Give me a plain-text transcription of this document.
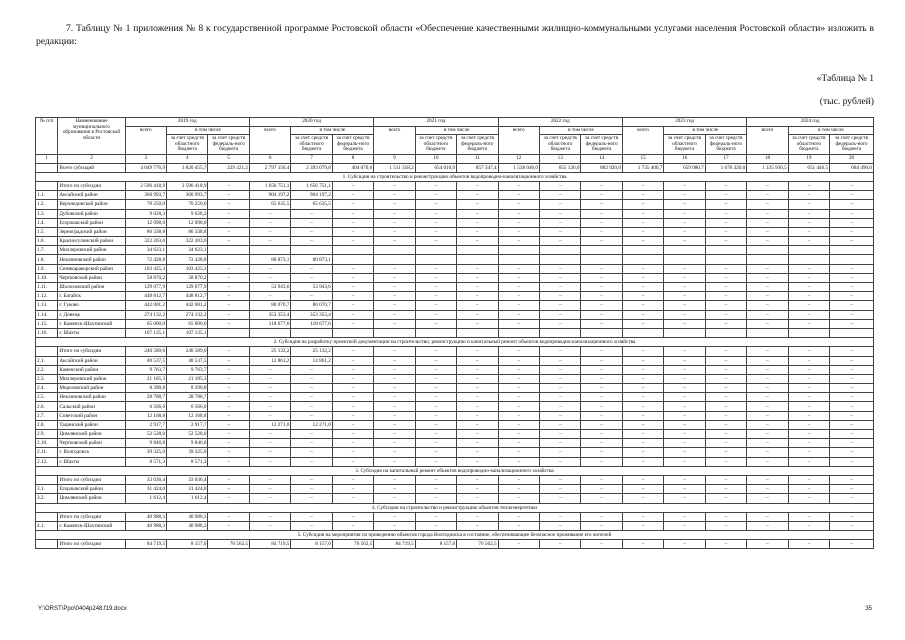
7. Таблицу № 1 приложения № 8 к государственной программе Ростовской области «Обеспечение качественными жилищно-коммунальными услугами населения Ростовской области» изложить в редакции:
«Таблица № 1
(тыс. рублей)
№ п/п	Наименование муниципального образования в Ростовской области	2019 год			2020 год			2021 год			2022 год			2023 год			2024 год		
		всего	в том числе		всего	в том числе		всего	в том числе		всего	в том числе		всего	в том числе		всего	в том числе	
			за счет средств областного бюджета	за счет средств федераль-ного бюджета		за счет средств областного бюджета	за счет средств федераль-ного бюджета		за счет средств областного бюджета	за счет средств федераль-ного бюджета		за счет средств областного бюджета	за счет средств федераль-ного бюджета		за счет средств областного бюджета	за счет средств федераль-ного бюджета		за счет средств областного бюджета	за счет средств федераль-ного бюджета
1	2	3	4	5	6	7	8	9	10	11	12	13	14	15	16	17	18	19	20
	Всего субсидий	4 049 776,9	3 820 455,7	229 321,2	2 797 150,4	2 393 079,8	404 070,6	1 511 358,2	654 010,9	857 347,4	1 538 046,0	655 126,0	882 920,0	1 735 400,7	659 080,7	1 076 320,0	1 335 936,5	651 446,5	684 490,0
1. Субсидия на строительство и реконструкцию объектов водопроводно-канализационного хозяйства																			
	Итого по субсидии	2 596 418,9	2 596 418,9	–	1 656 751,1	1 656 751,1	–	–	–	–	–	–	–	–	–	–	–	–	–
1.1.	Аксайский район	360 993,7	360 993,7	–	904 197,2	904 197,2	–	–	–	–	–	–	–	–	–	–	–	–	–
1.2.	Верхнедонской район	70 250,0	70 250,0	–	65 635,5	65 635,5	–	–	–	–	–	–	–	–	–	–	–	–	–
1.3.	Дубовский район	9 028,3	9 028,3	–	–	–	–	–	–	–	–	–	–	–	–	–	–	–	–
1.4.	Егорлыкский район	12 098,0	12 098,0	–	–	–	–	–	–	–	–	–	–	–	–	–	–	–	–
1.5.	Зерноградский район	86 338,8	86 338,8	–	–	–	–	–	–	–	–	–	–	–	–	–	–	–	–
1.6.	Красносулинский район	322 203,6	322 203,6	–	–	–	–	–	–	–	–	–	–	–	–	–	–	–	–
1.7.	Миллеровский район	34 623,1	34 623,1																
1.8.	Неклиновский район	72 428,8	72 428,8		80 873,1	80 873,1													
1.9.	Семикаракорский район	103 425,3	103 425,3	–	–	–	–	–	–	–	–	–	–	–	–	–	–	–	–
1.10.	Чертковский район	58 870,2	58 870,2	–	–	–	–	–	–	–	–	–	–	–	–	–	–	–	–
1.11.	Шолоховский район	129 077,9	129 077,9	–	53 943,6	53 943,6	–	–	–	–	–	–	–	–	–	–	–	–	–
1.12.	г. Батайск	448 812,7	448 812,7	–	–	–	–	–	–	–	–	–	–	–	–	–	–	–	–
1.13.	г. Гуково	442 001,2	442 001,2	–	80 070,7	80 070,7	–	–	–	–	–	–	–	–	–	–	–	–	–
1.14.	г. Донецк	274 132,2	274 132,2	–	353 353,4	353 353,4	–	–	–	–	–	–	–	–	–	–	–	–	–
1.15.	г. Каменск-Шахтинский	65 000,0	65 000,0	–	118 677,6	118 677,6	–	–	–	–	–	–	–	–	–	–	–	–	–
1.16.	г. Шахты	107 135,1	107 135,1																
2. Субсидия на разработку проектной документации на строительство, реконструкцию и капитальный ремонт объектов водопроводно-канализационного хозяйства																			
	Итого по субсидии	240 589,6	240 589,6	–	25 132,2	25 132,2	–	–	–	–	–	–	–	–	–	–	–	–	–
2.1.	Аксайский район	40 537,5	40 537,5	–	12 861,2	12 861,2	–	–	–	–	–	–	–	–	–	–	–	–	–
2.2.	Каменский район	9 763,7	9 763,7	–	–	–	–	–	–	–	–	–	–	–	–	–	–	–	–
2.3.	Миллеровский район	21 185,3	21 185,3	–	–	–	–	–	–	–	–	–	–	–	–	–	–	–	–
2.4.	Морозовский район	8 390,8	8 390,8	–	–	–	–	–	–	–	–	–	–	–	–	–	–	–	–
2.5.	Неклиновский район	28 788,7	28 788,7	–	–	–	–	–	–	–	–	–	–	–	–	–	–	–	–
2.6.	Сальский район	6 566,0	6 566,0	–	–	–	–	–	–	–	–	–	–	–	–	–	–	–	–
2.7.	Советский район	12 168,8	12 168,8	–	–	–	–	–	–	–	–	–	–	–	–	–	–	–	–
2.8.	Тацинский район	2 917,7	2 917,7	–	12 271,0	12 271,0	–	–	–	–	–	–	–	–	–	–	–	–	–
2.9.	Цимлянский район	52 528,0	52 528,0	–	–	–	–	–	–	–	–	–	–	–	–	–	–	–	–
2.10.	Чертковский район	9 846,8	9 846,8	–	–	–	–	–	–	–	–	–	–	–	–	–	–	–	–
2.11.	г. Волгодонск	39 325,0	39 325,0	–	–	–	–	–	–	–	–	–	–	–	–	–	–	–	–
2.12.	г. Шахты	8 571,3	8 571,3	–	–	–	–	–	–	–	–	–	–	–	–	–	–	–	–
3. Субсидия на капитальный ремонт объектов водопроводно-канализационного хозяйства																			
	Итого по субсидии	33 036,4	33 036,4	–	–	–	–	–	–	–	–	–	–	–	–	–	–	–	–
3.1.	Егорлыкский район	31 424,0	31 424,0	–	–	–	–	–	–	–	–	–	–	–	–	–	–	–	–
3.2.	Цимлянский район	1 612,4	1 612,4	–	–	–	–	–	–	–	–	–	–	–	–	–	–	–	–
4. Субсидия на строительство и реконструкцию объектов теплоэнергетики																			
	Итого по субсидии	40 988,3	40 988,3	–	–	–	–	–	–	–	–	–	–	–	–	–	–	–	–
4.1.	г. Каменск-Шахтинский	40 988,3	40 988,3	–	–	–	–	–	–	–	–	–	–	–	–	–	–	–	–
5. Субсидия на мероприятия по приведению объектов города Волгодонска в состояние, обеспечивающее безопасное проживание его жителей																			
	Итого по субсидии	84 719,5	8 157,0	76 562,5	84 719,5	8 157,0	76 562,5	84 719,5	8 157,0	76 562,5	–	–	–	–	–	–	–	–	–
Y:\ORST\Ppo\0404p248.f19.docx	35
